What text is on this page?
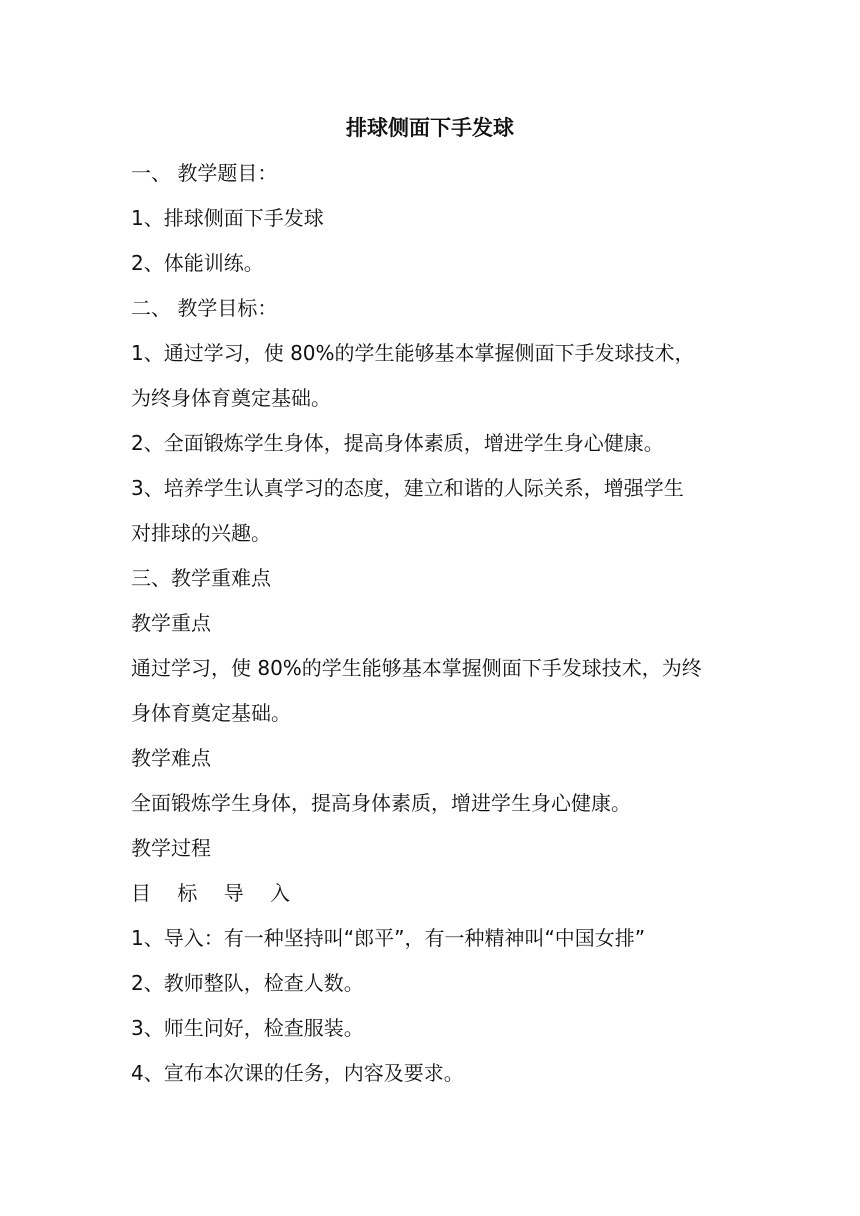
排球侧面下手发球
一、 教学题目：
1、排球侧面下手发球
2、体能训练。
二、 教学目标：
1、通过学习，使 80%的学生能够基本掌握侧面下手发球技术，
为终身体育奠定基础。
2、全面锻炼学生身体，提高身体素质，增进学生身心健康。
3、培养学生认真学习的态度，建立和谐的人际关系，增强学生
对排球的兴趣。
三、教学重难点
教学重点
通过学习，使 80%的学生能够基本掌握侧面下手发球技术，为终
身体育奠定基础。
教学难点
全面锻炼学生身体，提高身体素质，增进学生身心健康。
教学过程
目 标 导 入
1、导入：有一种坚持叫“郎平”，有一种精神叫“中国女排”
2、教师整队，检查人数。
3、师生问好，检查服装。
4、宣布本次课的任务，内容及要求。
